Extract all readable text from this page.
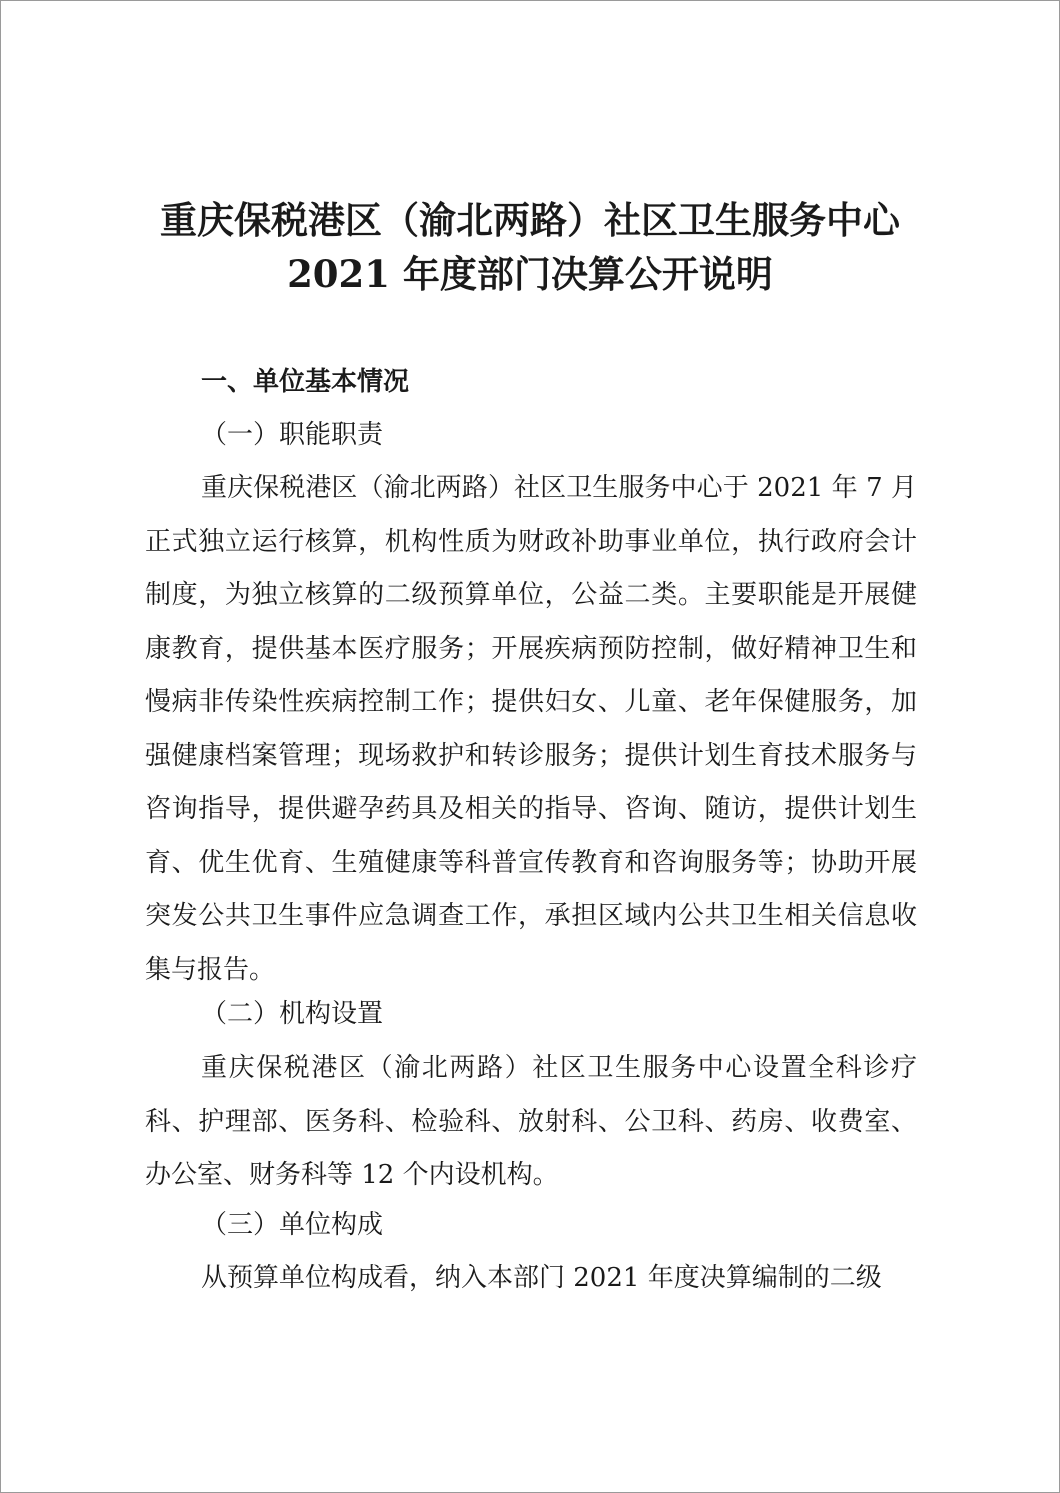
重庆保税港区（渝北两路）社区卫生服务中心
2021 年度部门决算公开说明
一、单位基本情况
（一）职能职责
重庆保税港区（渝北两路）社区卫生服务中心于 2021 年 7 月正式独立运行核算，机构性质为财政补助事业单位，执行政府会计制度，为独立核算的二级预算单位，公益二类。主要职能是开展健康教育，提供基本医疗服务；开展疾病预防控制，做好精神卫生和慢病非传染性疾病控制工作；提供妇女、儿童、老年保健服务，加强健康档案管理；现场救护和转诊服务；提供计划生育技术服务与咨询指导，提供避孕药具及相关的指导、咨询、随访，提供计划生育、优生优育、生殖健康等科普宣传教育和咨询服务等；协助开展突发公共卫生事件应急调查工作，承担区域内公共卫生相关信息收集与报告。
（二）机构设置
重庆保税港区（渝北两路）社区卫生服务中心设置全科诊疗科、护理部、医务科、检验科、放射科、公卫科、药房、收费室、办公室、财务科等 12 个内设机构。
（三）单位构成
从预算单位构成看，纳入本部门 2021 年度决算编制的二级
